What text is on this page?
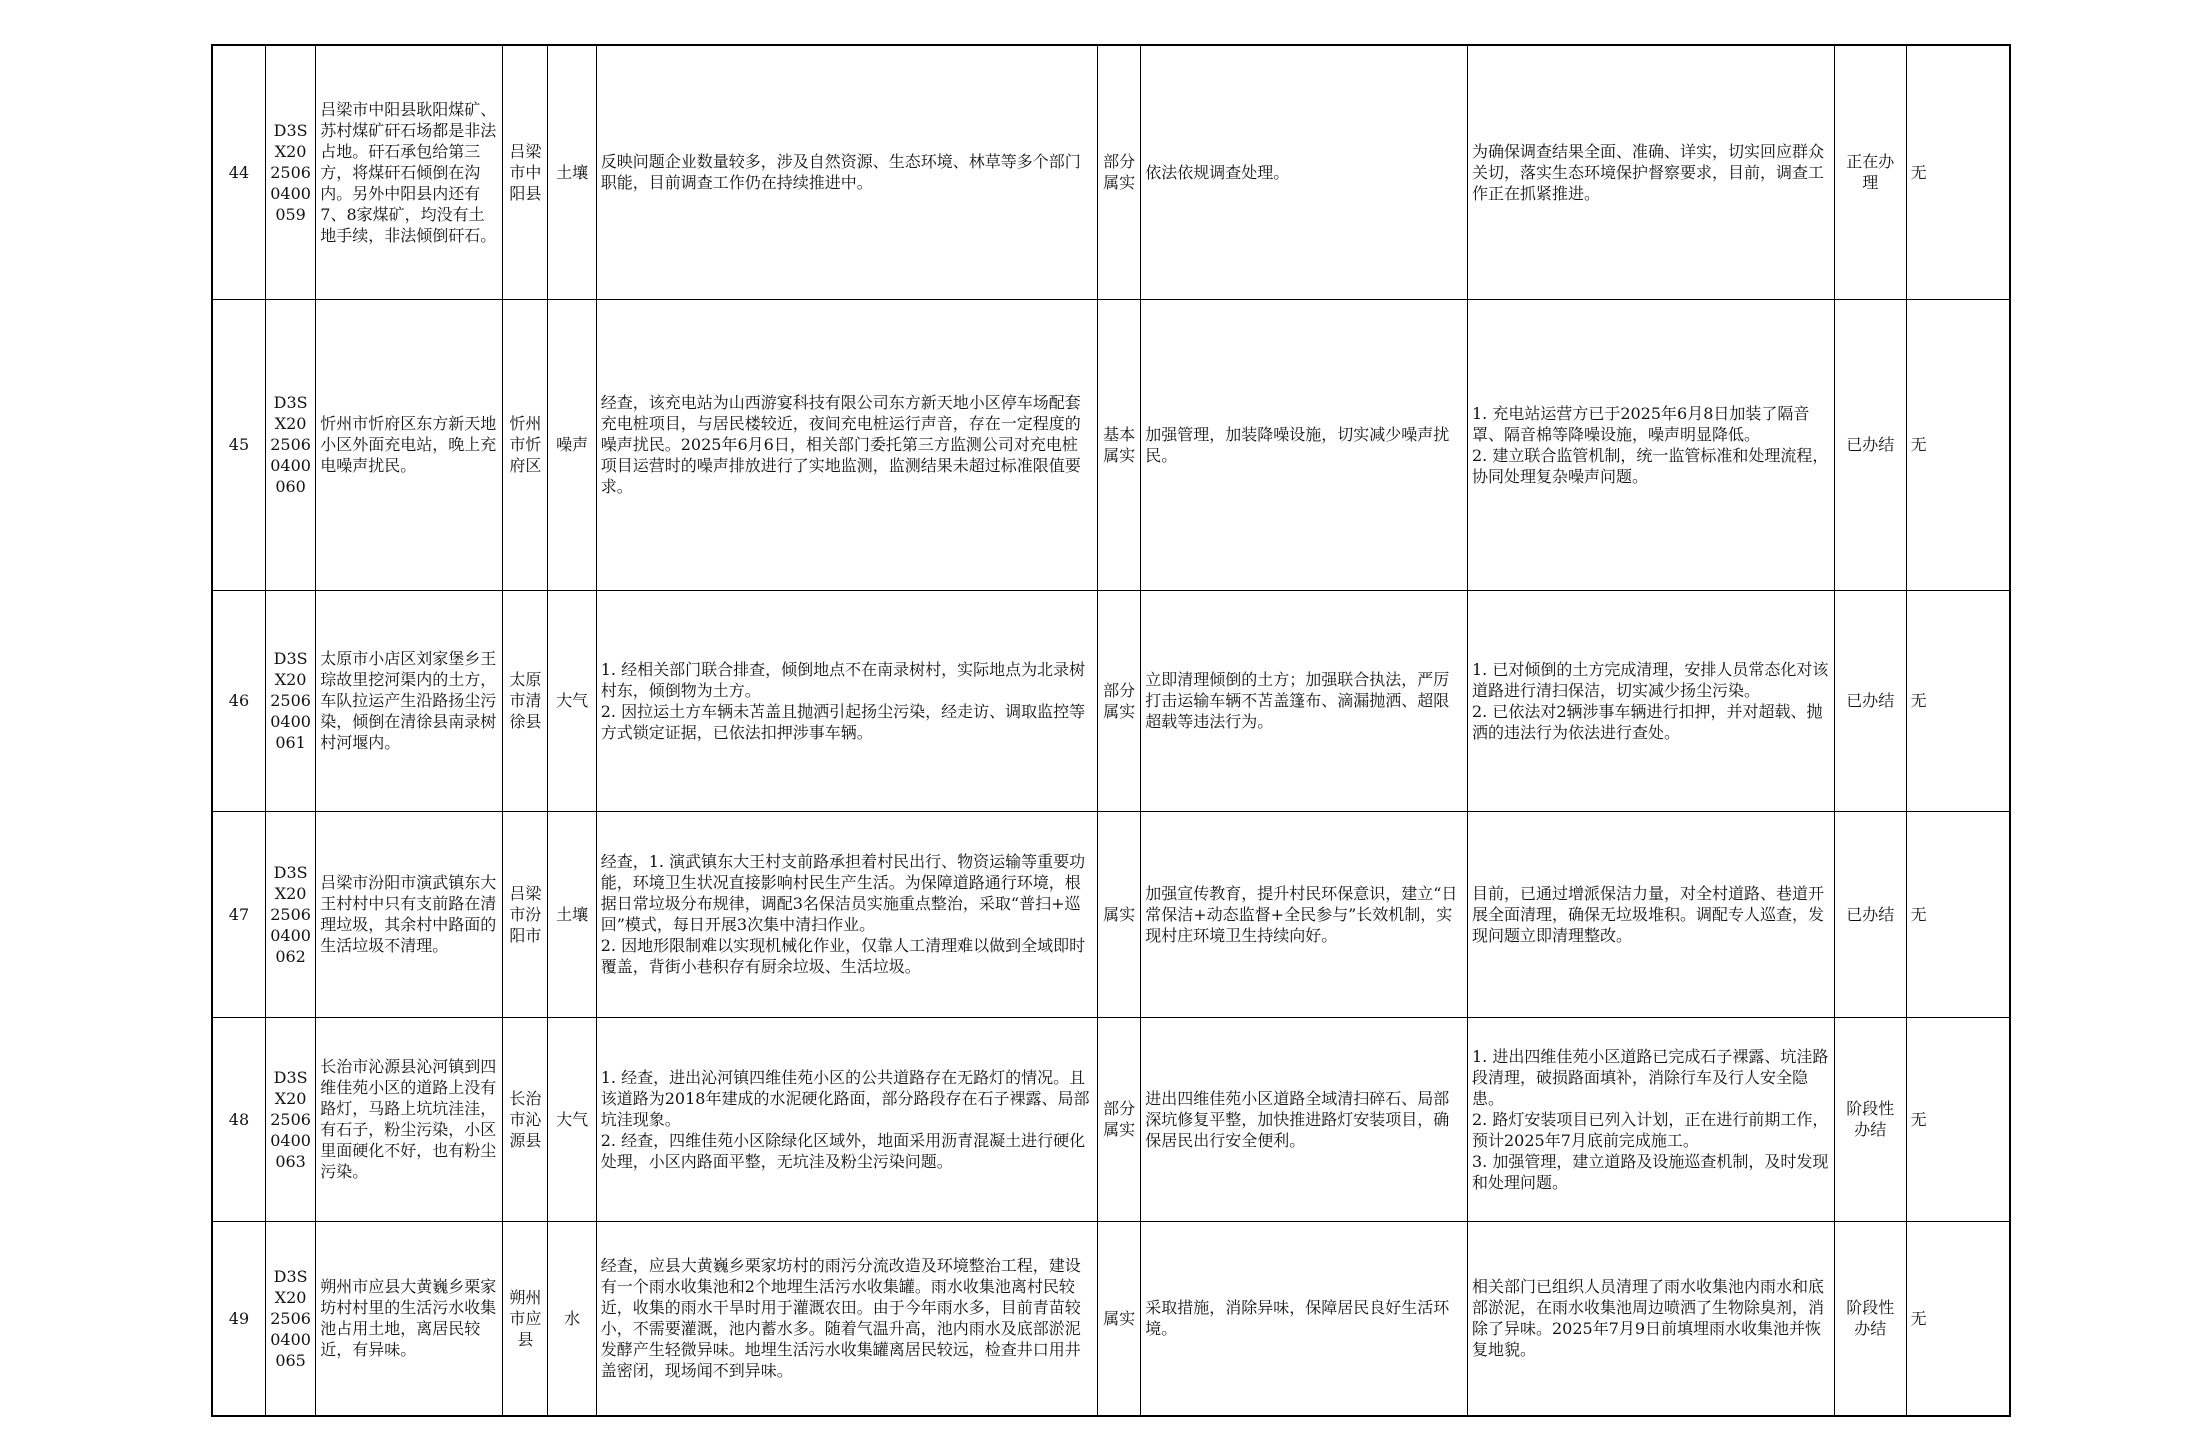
44	D3SX2025060400059	吕梁市中阳县耿阳煤矿、苏村煤矿矸石场都是非法占地。矸石承包给第三方，将煤矸石倾倒在沟内。另外中阳县内还有7、8家煤矿，均没有土地手续，非法倾倒矸石。	吕梁市中阳县	土壤	反映问题企业数量较多，涉及自然资源、生态环境、林草等多个部门职能，目前调查工作仍在持续推进中。	部分属实	依法依规调查处理。	为确保调查结果全面、准确、详实，切实回应群众关切，落实生态环境保护督察要求，目前，调查工作正在抓紧推进。	正在办理	无
45	D3SX2025060400060	忻州市忻府区东方新天地小区外面充电站，晚上充电噪声扰民。	忻州市忻府区	噪声	经查，该充电站为山西游宴科技有限公司东方新天地小区停车场配套充电桩项目，与居民楼较近，夜间充电桩运行声音，存在一定程度的噪声扰民。2025年6月6日，相关部门委托第三方监测公司对充电桩项目运营时的噪声排放进行了实地监测，监测结果未超过标准限值要求。	基本属实	加强管理，加装降噪设施，切实减少噪声扰民。	1. 充电站运营方已于2025年6月8日加装了隔音罩、隔音棉等降噪设施，噪声明显降低。
2. 建立联合监管机制，统一监管标准和处理流程，协同处理复杂噪声问题。	已办结	无
46	D3SX2025060400061	太原市小店区刘家堡乡王琮故里挖河渠内的土方，车队拉运产生沿路扬尘污染，倾倒在清徐县南录树村河堰内。	太原市清徐县	大气	1. 经相关部门联合排查，倾倒地点不在南录树村，实际地点为北录树村东，倾倒物为土方。
2. 因拉运土方车辆未苫盖且抛洒引起扬尘污染，经走访、调取监控等方式锁定证据，已依法扣押涉事车辆。	部分属实	立即清理倾倒的土方；加强联合执法，严厉打击运输车辆不苫盖篷布、滴漏抛洒、超限超载等违法行为。	1. 已对倾倒的土方完成清理，安排人员常态化对该道路进行清扫保洁，切实减少扬尘污染。
2. 已依法对2辆涉事车辆进行扣押，并对超载、抛洒的违法行为依法进行查处。	已办结	无
47	D3SX2025060400062	吕梁市汾阳市演武镇东大王村村中只有支前路在清理垃圾，其余村中路面的生活垃圾不清理。	吕梁市汾阳市	土壤	经查，1. 演武镇东大王村支前路承担着村民出行、物资运输等重要功能，环境卫生状况直接影响村民生产生活。为保障道路通行环境，根据日常垃圾分布规律，调配3名保洁员实施重点整治，采取“普扫+巡回”模式，每日开展3次集中清扫作业。
2. 因地形限制难以实现机械化作业，仅靠人工清理难以做到全域即时覆盖，背街小巷积存有厨余垃圾、生活垃圾。	属实	加强宣传教育，提升村民环保意识，建立“日常保洁+动态监督+全民参与”长效机制，实现村庄环境卫生持续向好。	目前，已通过增派保洁力量，对全村道路、巷道开展全面清理，确保无垃圾堆积。调配专人巡查，发现问题立即清理整改。	已办结	无
48	D3SX2025060400063	长治市沁源县沁河镇到四维佳苑小区的道路上没有路灯，马路上坑坑洼洼，有石子，粉尘污染，小区里面硬化不好，也有粉尘污染。	长治市沁源县	大气	1. 经查，进出沁河镇四维佳苑小区的公共道路存在无路灯的情况。且该道路为2018年建成的水泥硬化路面，部分路段存在石子裸露、局部坑洼现象。
2. 经查，四维佳苑小区除绿化区域外，地面采用沥青混凝土进行硬化处理，小区内路面平整，无坑洼及粉尘污染问题。	部分属实	进出四维佳苑小区道路全域清扫碎石、局部深坑修复平整，加快推进路灯安装项目，确保居民出行安全便利。	1. 进出四维佳苑小区道路已完成石子裸露、坑洼路段清理，破损路面填补，消除行车及行人安全隐患。
2. 路灯安装项目已列入计划，正在进行前期工作，预计2025年7月底前完成施工。
3. 加强管理，建立道路及设施巡查机制，及时发现和处理问题。	阶段性办结	无
49	D3SX2025060400065	朔州市应县大黄巍乡栗家坊村村里的生活污水收集池占用土地，离居民较近，有异味。	朔州市应县	水	经查，应县大黄巍乡栗家坊村的雨污分流改造及环境整治工程，建设有一个雨水收集池和2个地埋生活污水收集罐。雨水收集池离村民较近，收集的雨水干旱时用于灌溉农田。由于今年雨水多，目前青苗较小，不需要灌溉，池内蓄水多。随着气温升高，池内雨水及底部淤泥发酵产生轻微异味。地埋生活污水收集罐离居民较远，检查井口用井盖密闭，现场闻不到异味。	属实	采取措施，消除异味，保障居民良好生活环境。	相关部门已组织人员清理了雨水收集池内雨水和底部淤泥，在雨水收集池周边喷洒了生物除臭剂，消除了异味。2025年7月9日前填埋雨水收集池并恢复地貌。	阶段性办结	无
